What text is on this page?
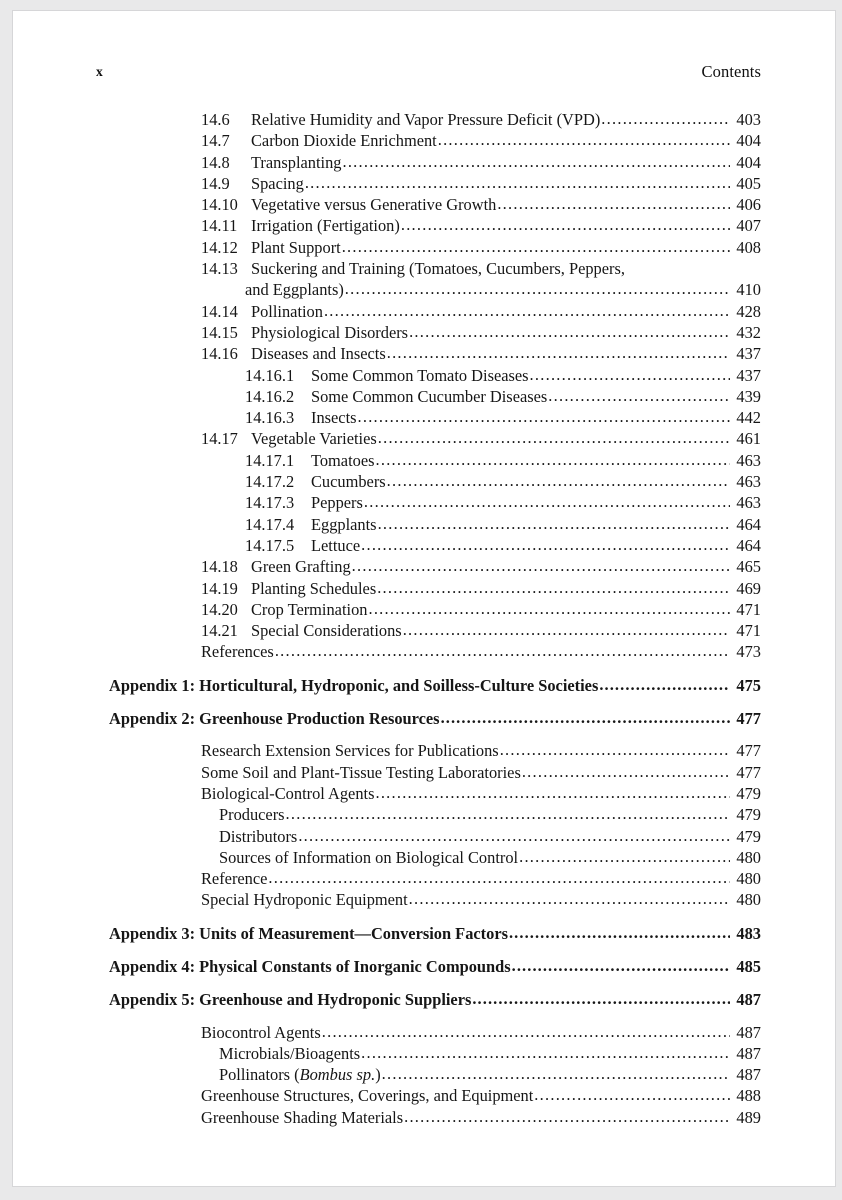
x	Contents
14.6	Relative Humidity and Vapor Pressure Deficit (VPD) .....	403
14.7	Carbon Dioxide Enrichment .....	404
14.8	Transplanting .....	404
14.9	Spacing .....	405
14.10 Vegetative versus Generative Growth .....	406
14.11 Irrigation (Fertigation) .....	407
14.12 Plant Support .....	408
14.13 Suckering and Training (Tomatoes, Cucumbers, Peppers,
and Eggplants) .....	410
14.14 Pollination .....	428
14.15 Physiological Disorders .....	432
14.16 Diseases and Insects .....	437
14.16.1	Some Common Tomato Diseases .....	437
14.16.2	Some Common Cucumber Diseases .....	439
14.16.3	Insects .....	442
14.17 Vegetable Varieties .....	461
14.17.1	Tomatoes .....	463
14.17.2	Cucumbers .....	463
14.17.3	Peppers .....	463
14.17.4	Eggplants .....	464
14.17.5	Lettuce .....	464
14.18 Green Grafting .....	465
14.19 Planting Schedules .....	469
14.20 Crop Termination .....	471
14.21 Special Considerations .....	471
References .....	473
Appendix 1: Horticultural, Hydroponic, and Soilless-Culture Societies .....	475
Appendix 2: Greenhouse Production Resources .....	477
Research Extension Services for Publications .....	477
Some Soil and Plant-Tissue Testing Laboratories .....	477
Biological-Control Agents .....	479
Producers .....	479
Distributors .....	479
Sources of Information on Biological Control .....	480
Reference .....	480
Special Hydroponic Equipment .....	480
Appendix 3: Units of Measurement—Conversion Factors .....	483
Appendix 4: Physical Constants of Inorganic Compounds .....	485
Appendix 5: Greenhouse and Hydroponic Suppliers .....	487
Biocontrol Agents .....	487
Microbials/Bioagents .....	487
Pollinators (Bombus sp.) .....	487
Greenhouse Structures, Coverings, and Equipment .....	488
Greenhouse Shading Materials .....	489
